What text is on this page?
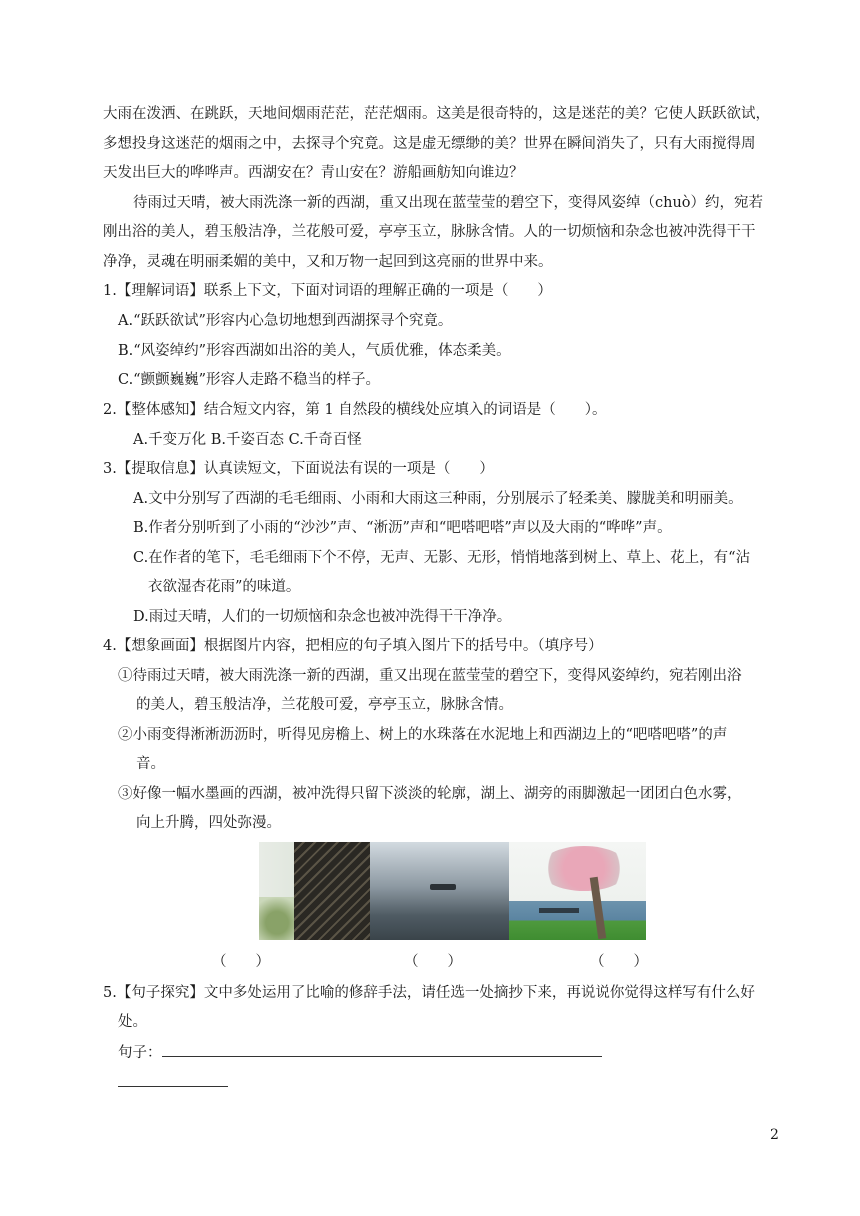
大雨在泼洒、在跳跃，天地间烟雨茫茫，茫茫烟雨。这美是很奇特的，这是迷茫的美？它使人跃跃欲试，
多想投身这迷茫的烟雨之中，去探寻个究竟。这是虚无缥缈的美？世界在瞬间消失了，只有大雨搅得周
天发出巨大的哗哗声。西湖安在？青山安在？游船画舫知向谁边？
待雨过天晴，被大雨洗涤一新的西湖，重又出现在蓝莹莹的碧空下，变得风姿绰（chuò）约，宛若
刚出浴的美人，碧玉般洁净，兰花般可爱，亭亭玉立，脉脉含情。人的一切烦恼和杂念也被冲洗得干干
净净，灵魂在明丽柔媚的美中，又和万物一起回到这亮丽的世界中来。
1.【理解词语】联系上下文，下面对词语的理解正确的一项是（　　）
A.“跃跃欲试”形容内心急切地想到西湖探寻个究竟。
B.“风姿绰约”形容西湖如出浴的美人，气质优雅，体态柔美。
C.“颤颤巍巍”形容人走路不稳当的样子。
2.【整体感知】结合短文内容，第 1 自然段的横线处应填入的词语是（　　）。
A.千变万化 B.千姿百态 C.千奇百怪
3.【提取信息】认真读短文，下面说法有误的一项是（　　）
A.文中分别写了西湖的毛毛细雨、小雨和大雨这三种雨，分别展示了轻柔美、朦胧美和明丽美。
B.作者分别听到了小雨的“沙沙”声、“淅沥”声和“吧嗒吧嗒”声以及大雨的“哗哗”声。
C.在作者的笔下，毛毛细雨下个不停，无声、无影、无形，悄悄地落到树上、草上、花上，有“沾
衣欲湿杏花雨”的味道。
D.雨过天晴，人们的一切烦恼和杂念也被冲洗得干干净净。
4.【想象画面】根据图片内容，把相应的句子填入图片下的括号中。（填序号）
①待雨过天晴，被大雨洗涤一新的西湖，重又出现在蓝莹莹的碧空下，变得风姿绰约，宛若刚出浴
的美人，碧玉般洁净，兰花般可爱，亭亭玉立，脉脉含情。
②小雨变得淅淅沥沥时，听得见房檐上、树上的水珠落在水泥地上和西湖边上的“吧嗒吧嗒”的声
音。
③好像一幅水墨画的西湖，被冲洗得只留下淡淡的轮廓，湖上、湖旁的雨脚激起一团团白色水雾，
向上升腾，四处弥漫。
（　　）	（　　）	（　　）
5.【句子探究】文中多处运用了比喻的修辞手法，请任选一处摘抄下来，再说说你觉得这样写有什么好
处。
句子：
2
